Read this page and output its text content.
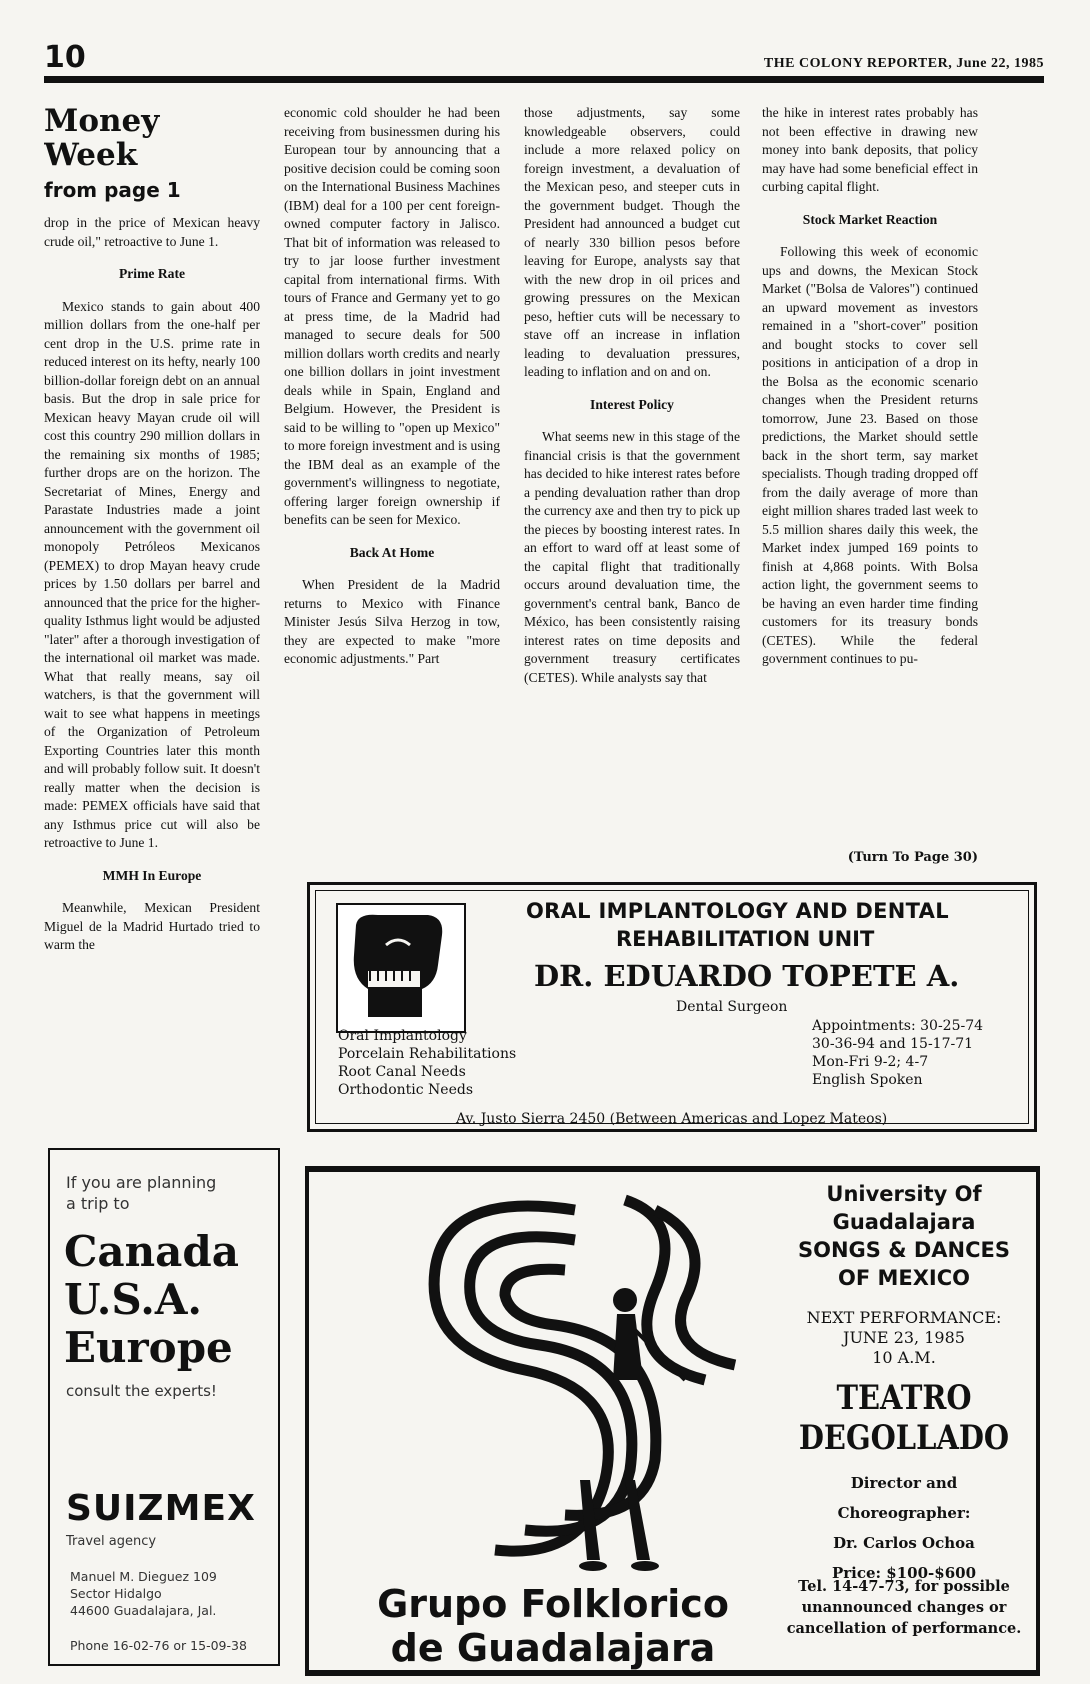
10	THE COLONY REPORTER, June 22, 1985
Money Week
from page 1

drop in the price of Mexican heavy crude oil," retroactive to June 1.

Prime Rate

Mexico stands to gain about 400 million dollars from the one-half per cent drop in the U.S. prime rate in reduced interest on its hefty, nearly 100 billion-dollar foreign debt on an annual basis. But the drop in sale price for Mexican heavy Mayan crude oil will cost this country 290 million dollars in the remaining six months of 1985; further drops are on the horizon. The Secretariat of Mines, Energy and Parastate Industries made a joint announcement with the government oil monopoly Petróleos Mexicanos (PEMEX) to drop Mayan heavy crude prices by 1.50 dollars per barrel and announced that the price for the higher-quality Isthmus light would be adjusted "later" after a thorough investigation of the international oil market was made. What that really means, say oil watchers, is that the government will wait to see what happens in meetings of the Organization of Petroleum Exporting Countries later this month and will probably follow suit. It doesn't really matter when the decision is made: PEMEX officials have said that any Isthmus price cut will also be retroactive to June 1.

MMH In Europe

Meanwhile, Mexican President Miguel de la Madrid Hurtado tried to warm the

economic cold shoulder he had been receiving from businessmen during his European tour by announcing that a positive decision could be coming soon on the International Business Machines (IBM) deal for a 100 per cent foreign-owned computer factory in Jalisco. That bit of information was released to try to jar loose further investment capital from international firms. With tours of France and Germany yet to go at press time, de la Madrid had managed to secure deals for 500 million dollars worth credits and nearly one billion dollars in joint investment deals while in Spain, England and Belgium. However, the President is said to be willing to "open up Mexico" to more foreign investment and is using the IBM deal as an example of the government's willingness to negotiate, offering larger foreign ownership if benefits can be seen for Mexico.

Back At Home

When President de la Madrid returns to Mexico with Finance Minister Jesús Silva Herzog in tow, they are expected to make "more economic adjustments." Part

those adjustments, say some knowledgeable observers, could include a more relaxed policy on foreign investment, a devaluation of the Mexican peso, and steeper cuts in the government budget. Though the President had announced a budget cut of nearly 330 billion pesos before leaving for Europe, analysts say that with the new drop in oil prices and growing pressures on the Mexican peso, heftier cuts will be necessary to stave off an increase in inflation leading to devaluation pressures, leading to inflation and on and on.

Interest Policy

What seems new in this stage of the financial crisis is that the government has decided to hike interest rates before a pending devaluation rather than drop the currency axe and then try to pick up the pieces by boosting interest rates. In an effort to ward off at least some of the capital flight that traditionally occurs around devaluation time, the government's central bank, Banco de México, has been consistently raising interest rates on time deposits and government treasury certificates (CETES). While analysts say that

the hike in interest rates probably has not been effective in drawing new money into bank deposits, that policy may have had some beneficial effect in curbing capital flight.

Stock Market Reaction

Following this week of economic ups and downs, the Mexican Stock Market ("Bolsa de Valores") continued an upward movement as investors remained in a "short-cover" position and bought stocks to cover sell positions in anticipation of a drop in the Bolsa as the economic scenario changes when the President returns tomorrow, June 23. Based on those predictions, the Market should settle back in the short term, say market specialists. Though trading dropped off from the daily average of more than eight million shares traded last week to 5.5 million shares daily this week, the Market index jumped 169 points to finish at 4,868 points. With Bolsa action light, the government seems to be having an even harder time finding customers for its treasury bonds (CETES). While the federal government continues to pu-

(Turn To Page 30)
ORAL IMPLANTOLOGY AND DENTAL
REHABILITATION UNIT
DR. EDUARDO TOPETE A.
Dental Surgeon
Oral Implantology
Porcelain Rehabilitations
Root Canal Needs
Orthodontic Needs
Appointments: 30-25-74
30-36-94 and 15-17-71
Mon-Fri 9-2; 4-7
English Spoken
Av. Justo Sierra 2450 (Between Americas and Lopez Mateos)
If you are planning
a trip to
Canada
U.S.A.
Europe
consult the experts!
SUIZMEX
Travel agency
Manuel M. Dieguez 109
Sector Hidalgo
44600 Guadalajara, Jal.
Phone 16-02-76 or 15-09-38
Grupo Folklorico
de Guadalajara
University Of
Guadalajara
SONGS & DANCES
OF MEXICO
NEXT PERFORMANCE:
JUNE 23, 1985
10 A.M.
TEATRO
DEGOLLADO
Director and
Choreographer:
Dr. Carlos Ochoa
Price: $100-$600
Tel. 14-47-73, for possible
unannounced changes or
cancellation of performance.
